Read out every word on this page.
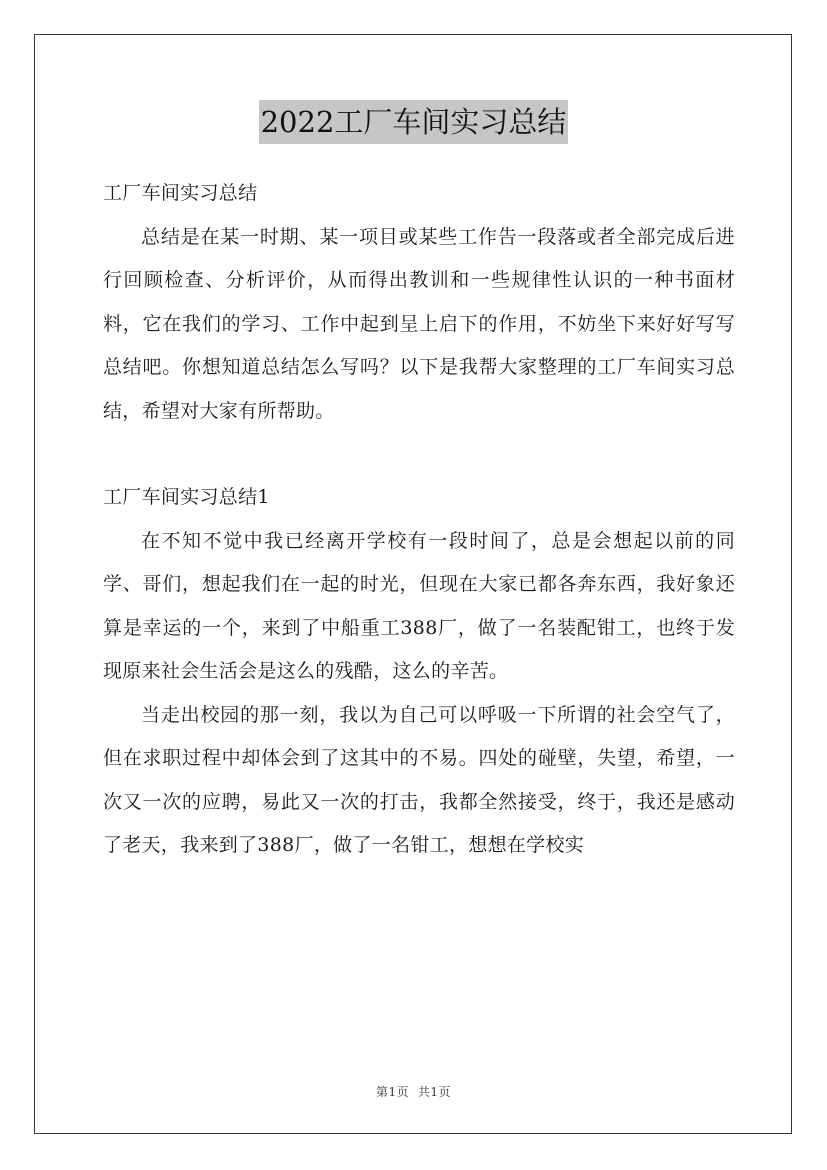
2022工厂车间实习总结

工厂车间实习总结

总结是在某一时期、某一项目或某些工作告一段落或者全部完成后进行回顾检查、分析评价，从而得出教训和一些规律性认识的一种书面材料，它在我们的学习、工作中起到呈上启下的作用，不妨坐下来好好写写总结吧。你想知道总结怎么写吗？以下是我帮大家整理的工厂车间实习总结，希望对大家有所帮助。

工厂车间实习总结1

在不知不觉中我已经离开学校有一段时间了，总是会想起以前的同学、哥们，想起我们在一起的时光，但现在大家已都各奔东西，我好象还算是幸运的一个，来到了中船重工388厂，做了一名装配钳工，也终于发现原来社会生活会是这么的残酷，这么的辛苦。

当走出校园的那一刻，我以为自己可以呼吸一下所谓的社会空气了，但在求职过程中却体会到了这其中的不易。四处的碰壁，失望，希望，一次又一次的应聘，易此又一次的打击，我都全然接受，终于，我还是感动了老天，我来到了388厂，做了一名钳工，想想在学校实

第1页 共1页
